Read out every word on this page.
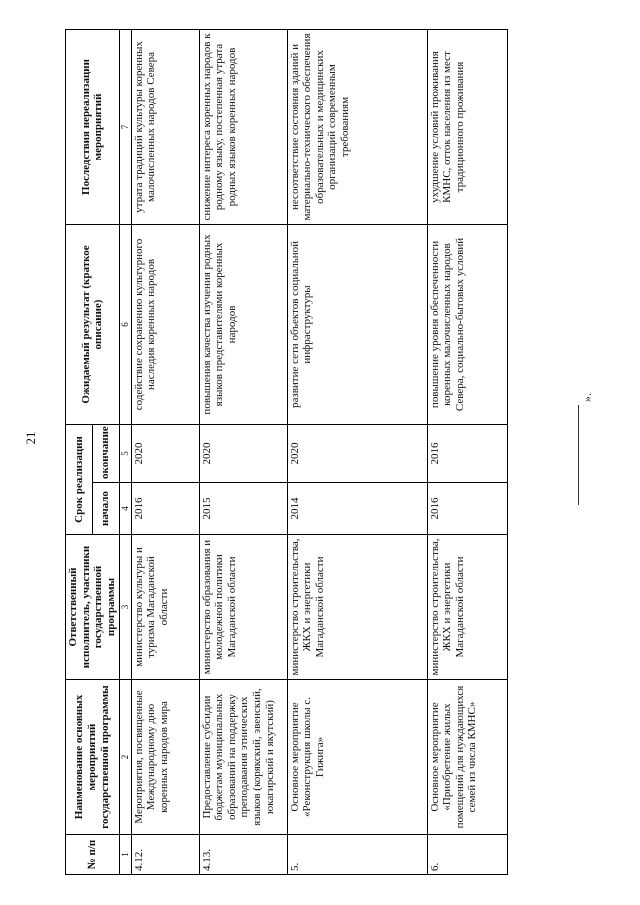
21
».
№ п/п	Наименование основных мероприятий государственной программы	Ответственный исполнитель, участники государственной программы	Срок реализации		Ожидаемый результат (краткое описание)	Последствия нереализации мероприятий
			начало	окончание		
1	2	3	4	5	6	7
4.12.	Мероприятия, посвященные Международному дню коренных народов мира	министерство культуры и туризма Магаданской области	2016	2020	содействие сохранению культурного наследия коренных народов	утрата традиций культуры коренных малочисленных народов Севера
4.13.	Предоставление субсидии бюджетам муниципальных образований на поддержку преподавания этнических языков (корякский, эвенский, юкагирский и якутский)	министерство образования и молодежной политики Магаданской области	2015	2020	повышения качества изучения родных языков представителями коренных народов	снижение интереса коренных народов к родному языку, постепенная утрата родных языков коренных народов
5.	Основное мероприятие «Реконструкция школы с. Гижига»	министерство строительства, ЖКХ и энергетики Магаданской области	2014	2020	развитие сети объектов социальной инфраструктуры	несоответствие состояния зданий и материально-технического обеспечения образовательных и медицинских организаций современным требованиям
6.	Основное мероприятие «Приобретение жилых помещений для нуждающихся семей из числа КМНС»	министерство строительства, ЖКХ и энергетики Магаданской области	2016	2016	повышение уровня обеспеченности коренных малочисленных народов Севера, социально-бытовых условий	ухудшение условий проживания КМНС, отток населения из мест традиционного проживания
